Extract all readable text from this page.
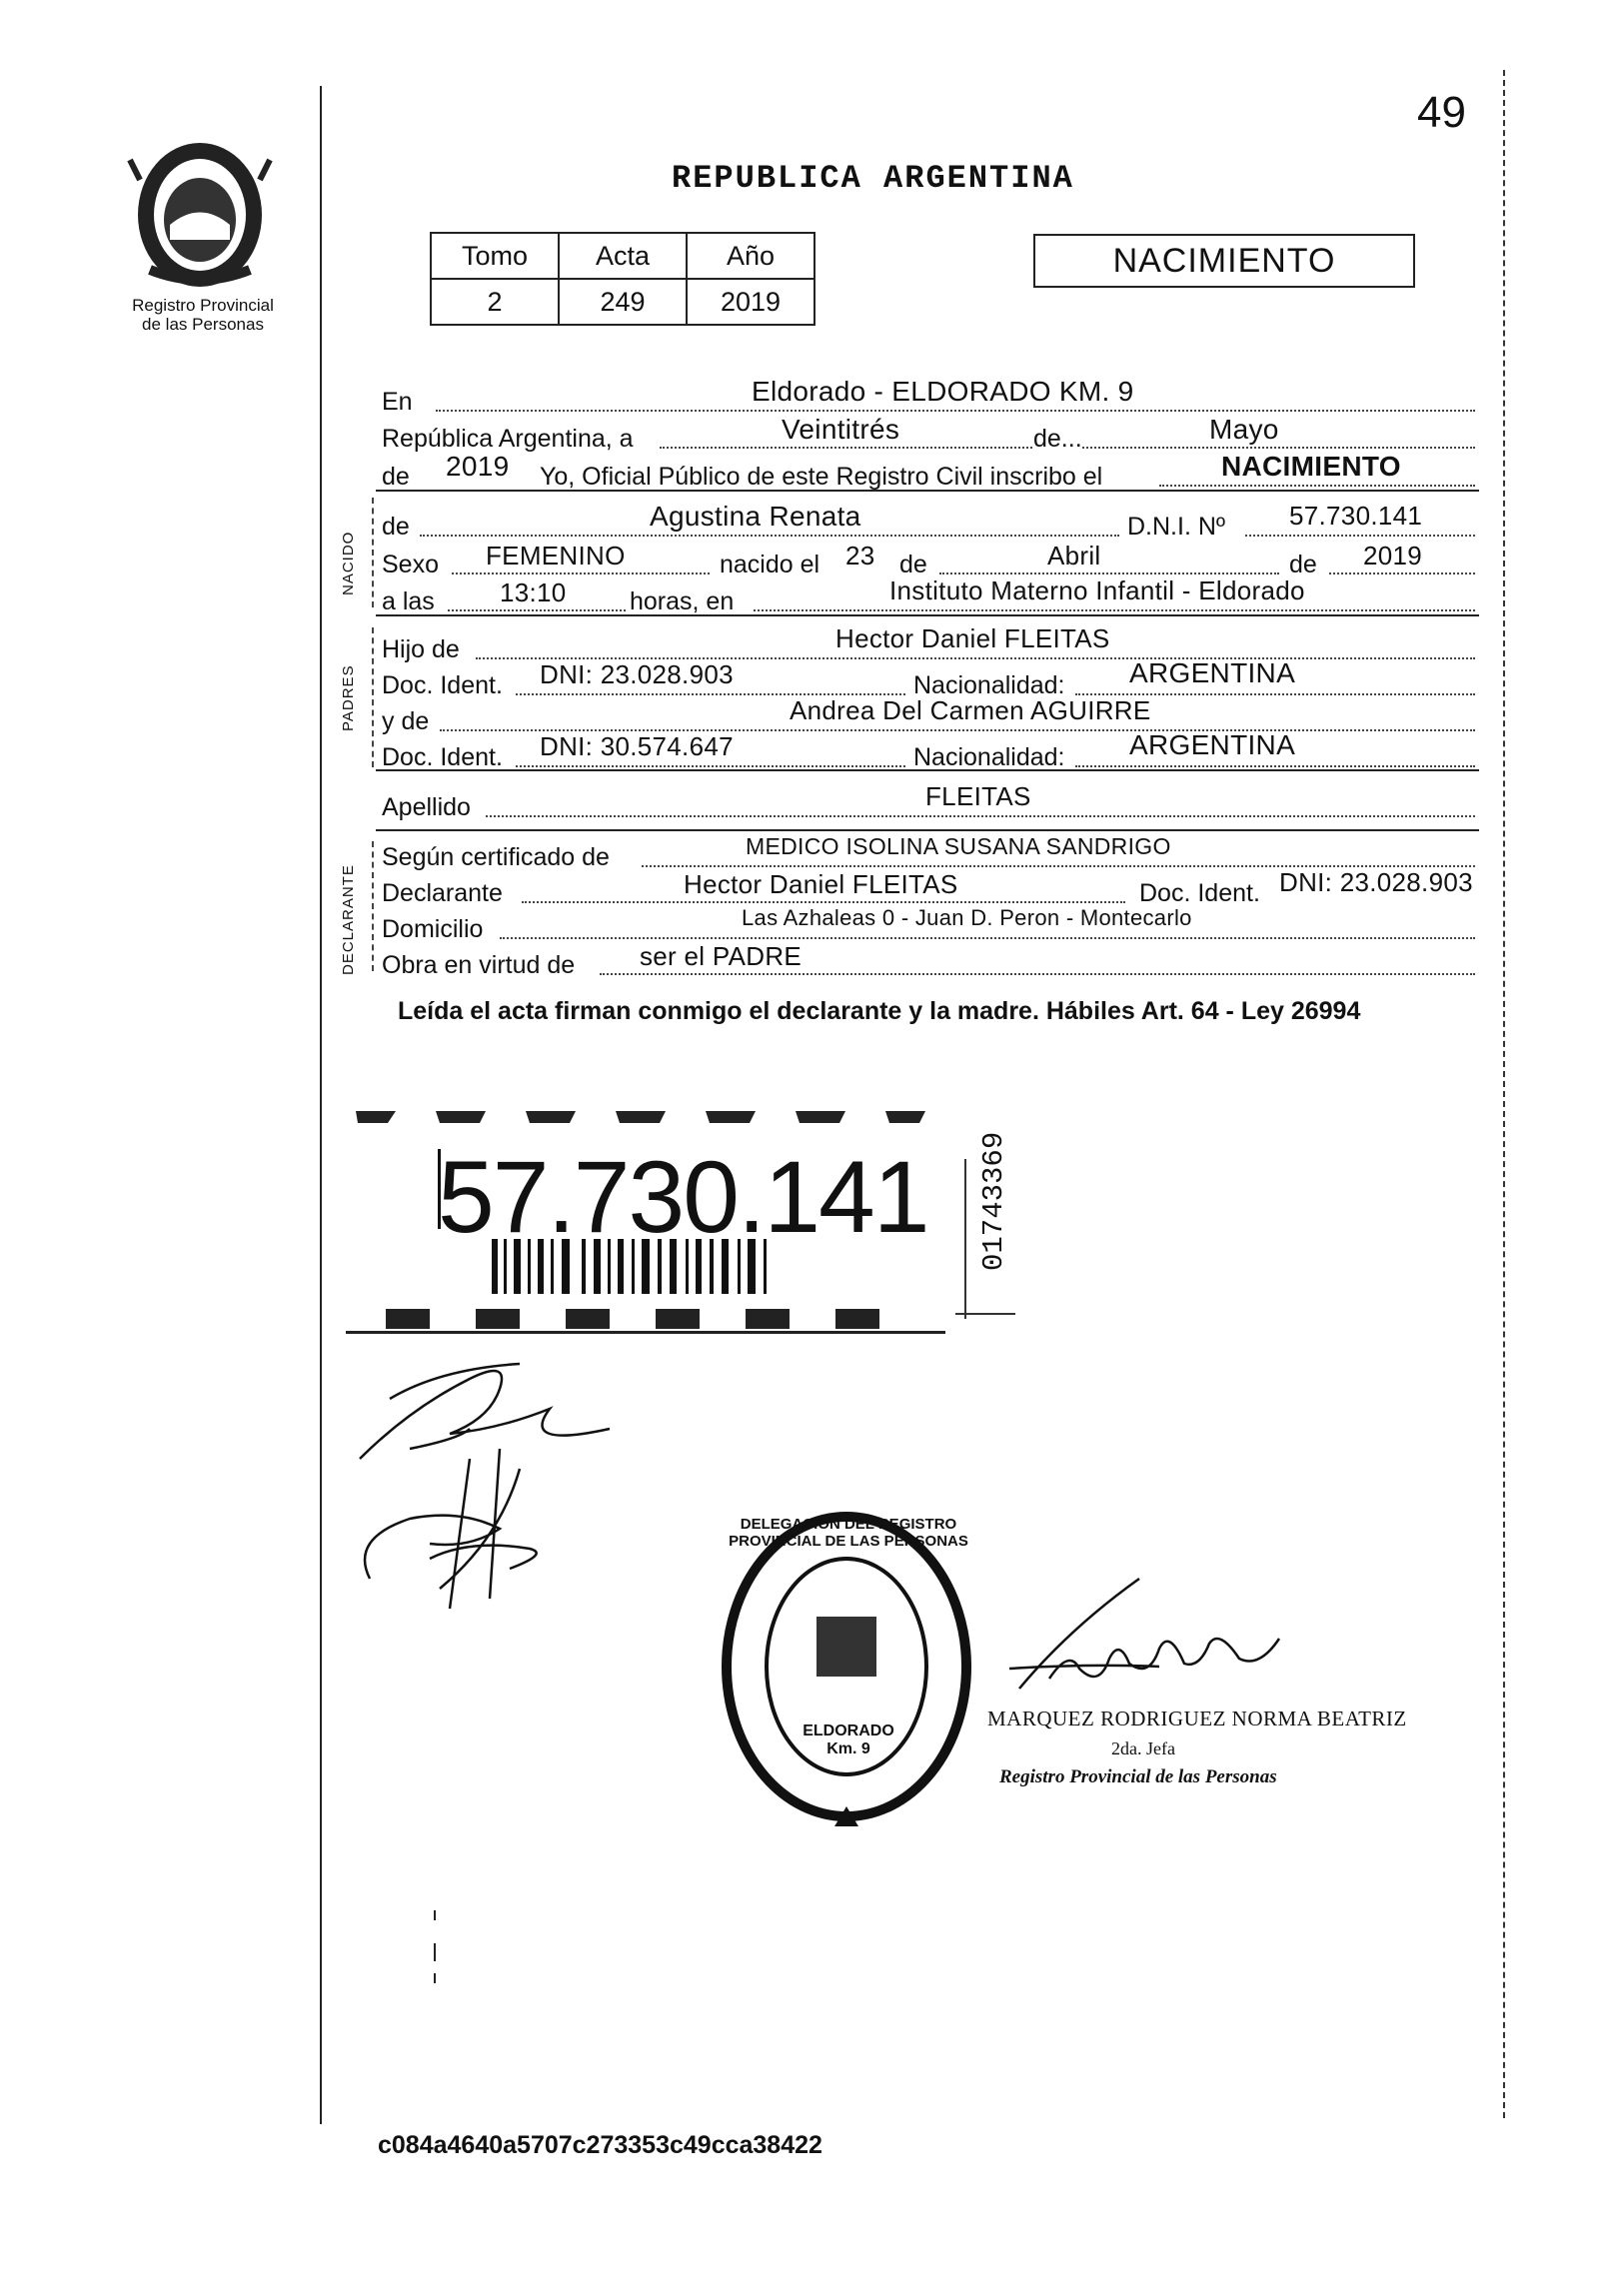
49
Registro Provincial
de las Personas
REPUBLICA ARGENTINA
Tomo	Acta	Año
2	249	2019
NACIMIENTO
En	Eldorado - ELDORADO KM. 9
República Argentina, a	Veintitrés	de...	Mayo
de 2019 Yo, Oficial Público de este Registro Civil inscribo el	NACIMIENTO
NACIDO
de	Agustina Renata	D.N.I. Nº 57.730.141
Sexo FEMENINO	nacido el 23 de	Abril	de 2019
a las	13:10	horas, en	Instituto Materno Infantil - Eldorado
PADRES
Hijo de	Hector Daniel FLEITAS
Doc. Ident. DNI: 23.028.903	Nacionalidad: ARGENTINA
y de	Andrea Del Carmen AGUIRRE
Doc. Ident. DNI: 30.574.647	Nacionalidad: ARGENTINA
Apellido	FLEITAS
DECLARANTE
Según certificado de	MEDICO ISOLINA SUSANA SANDRIGO
Declarante	Hector Daniel FLEITAS	Doc. Ident. DNI: 23.028.903
Domicilio	Las Azhaleas 0 - Juan D. Peron - Montecarlo
Obra en virtud de ser el PADRE
Leída el acta firman conmigo el declarante y la madre. Hábiles Art. 64 - Ley 26994
57.730.141 01743369
DELEGACION DEL REGISTRO PROVINCIAL DE LAS PERSONAS
ELDORADO Km. 9
MARQUEZ RODRIGUEZ NORMA BEATRIZ
2da. Jefa
Registro Provincial de las Personas
c084a4640a5707c273353c49cca38422
